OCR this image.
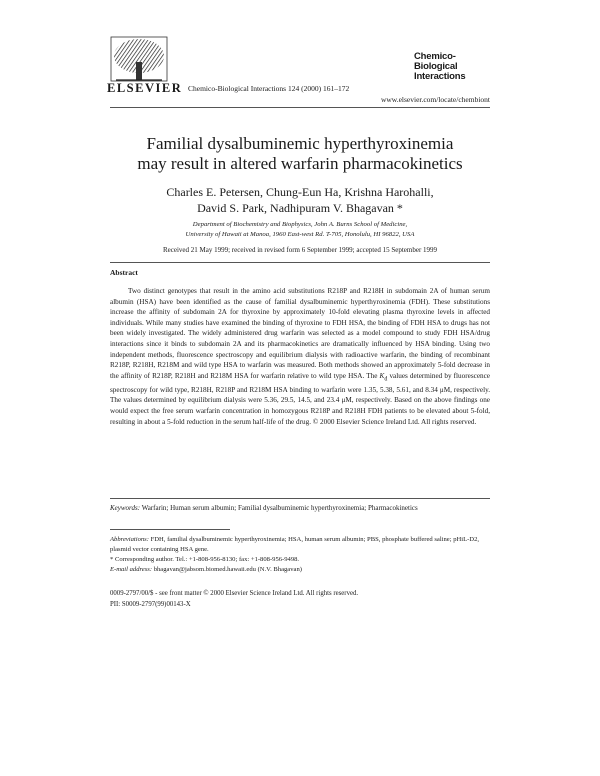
ELSEVIER Chemico-Biological Interactions 124 (2000) 161–172
www.elsevier.com/locate/chembiont
Chemico-Biological
Interactions
Familial dysalbuminemic hyperthyroxinemia
may result in altered warfarin pharmacokinetics
Charles E. Petersen, Chung-Eun Ha, Krishna Harohalli,
David S. Park, Nadhipuram V. Bhagavan *
Department of Biochemistry and Biophysics, John A. Burns School of Medicine,
University of Hawaii at Manoa, 1960 East-west Rd. T-705, Honolulu, HI 96822, USA
Received 21 May 1999; received in revised form 6 September 1999; accepted 15 September 1999
Abstract
Two distinct genotypes that result in the amino acid substitutions R218P and R218H in subdomain 2A of human serum albumin (HSA) have been identified as the cause of familial dysalbuminemic hyperthyroxinemia (FDH). These substitutions increase the affinity of subdomain 2A for thyroxine by approximately 10-fold elevating plasma thyroxine levels in affected individuals. While many studies have examined the binding of thyroxine to FDH HSA, the binding of FDH HSA to drugs has not been widely investigated. The widely administered drug warfarin was selected as a model compound to study FDH HSA/drug interactions since it binds to subdomain 2A and its pharmacokinetics are dramatically influenced by HSA binding. Using two independent methods, fluorescence spectroscopy and equilibrium dialysis with radioactive warfarin, the binding of recombinant R218P, R218H, R218M and wild type HSA to warfarin was measured. Both methods showed an approximately 5-fold decrease in the affinity of R218P, R218H and R218M HSA for warfarin relative to wild type HSA. The $K_d$ values determined by fluorescence spectroscopy for wild type, R218H, R218P and R218M HSA binding to warfarin were 1.35, 5.38, 5.61, and 8.34 μM, respectively. The values determined by equilibrium dialysis were 5.36, 29.5, 14.5, and 23.4 μM, respectively. Based on the above findings one would expect the free serum warfarin concentration in homozygous R218P and R218H FDH patients to be elevated about 5-fold, resulting in about a 5-fold reduction in the serum half-life of the drug. © 2000 Elsevier Science Ireland Ltd. All rights reserved.
Keywords: Warfarin; Human serum albumin; Familial dysalbuminemic hyperthyroxinemia; Pharmacokinetics
Abbreviations: FDH, familial dysalbuminemic hyperthyroxinemia; HSA, human serum albumin; PBS, phosphate buffered saline; pHiL-D2, plasmid vector containing HSA gene.
* Corresponding author. Tel.: +1-808-956-8130; fax: +1-808-956-9498.
E-mail address: bhagavan@jabsom.biomed.hawaii.edu (N.V. Bhagavan)
0009-2797/00/$ - see front matter © 2000 Elsevier Science Ireland Ltd. All rights reserved.
PII: S0009-2797(99)00143-X
